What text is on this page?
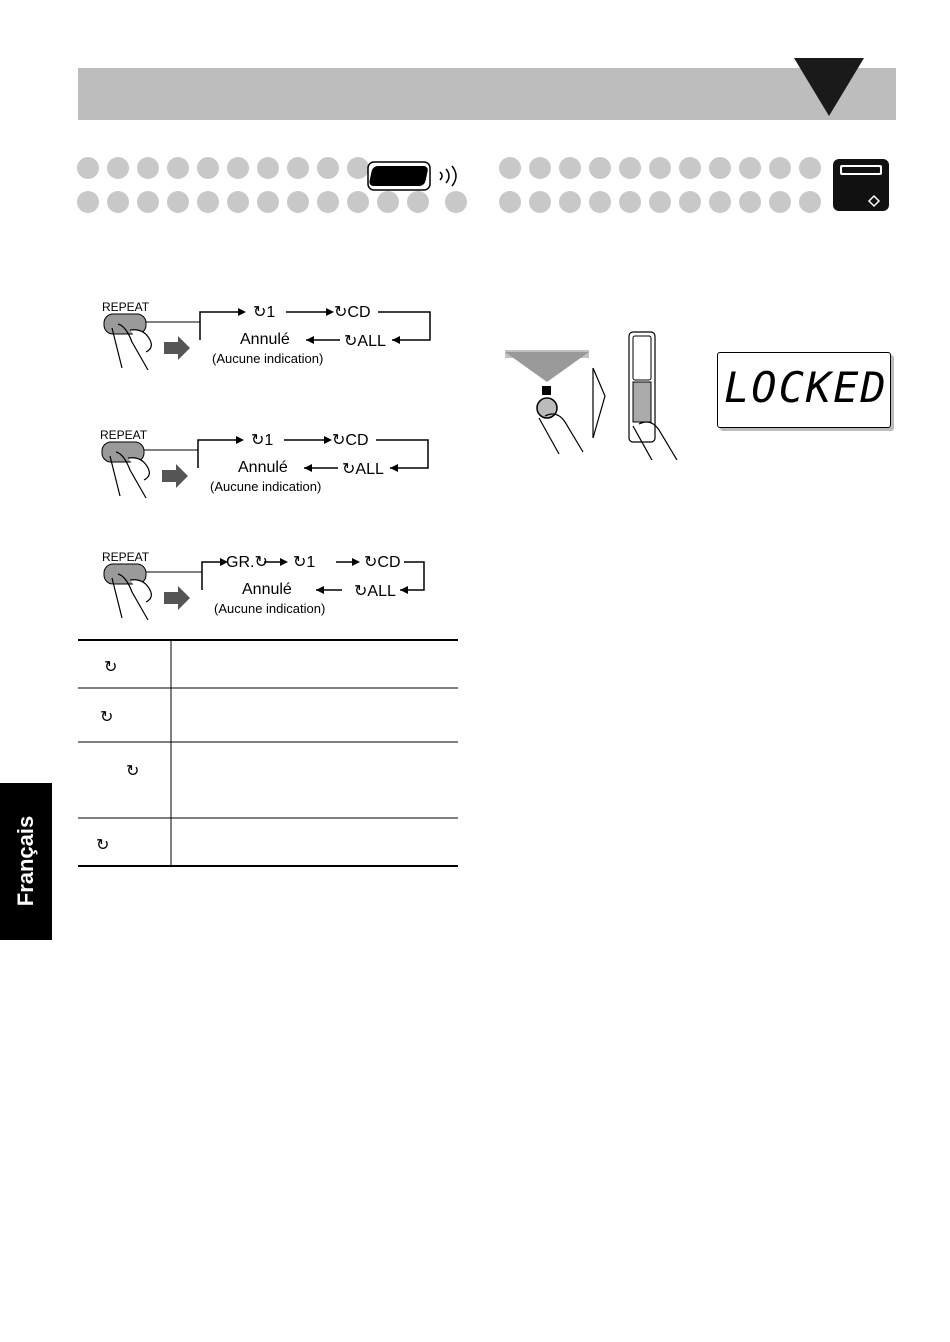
REPEAT	↻1	↻CD
Annulé	↻ALL
(Aucune indication)
REPEAT	↻1	↻CD
Annulé	↻ALL
(Aucune indication)
REPEAT	GR.↻ ↻1	↻CD
Annulé	↻ALL
(Aucune indication)
↻
↻
↻
↻
Français
LOCKED
